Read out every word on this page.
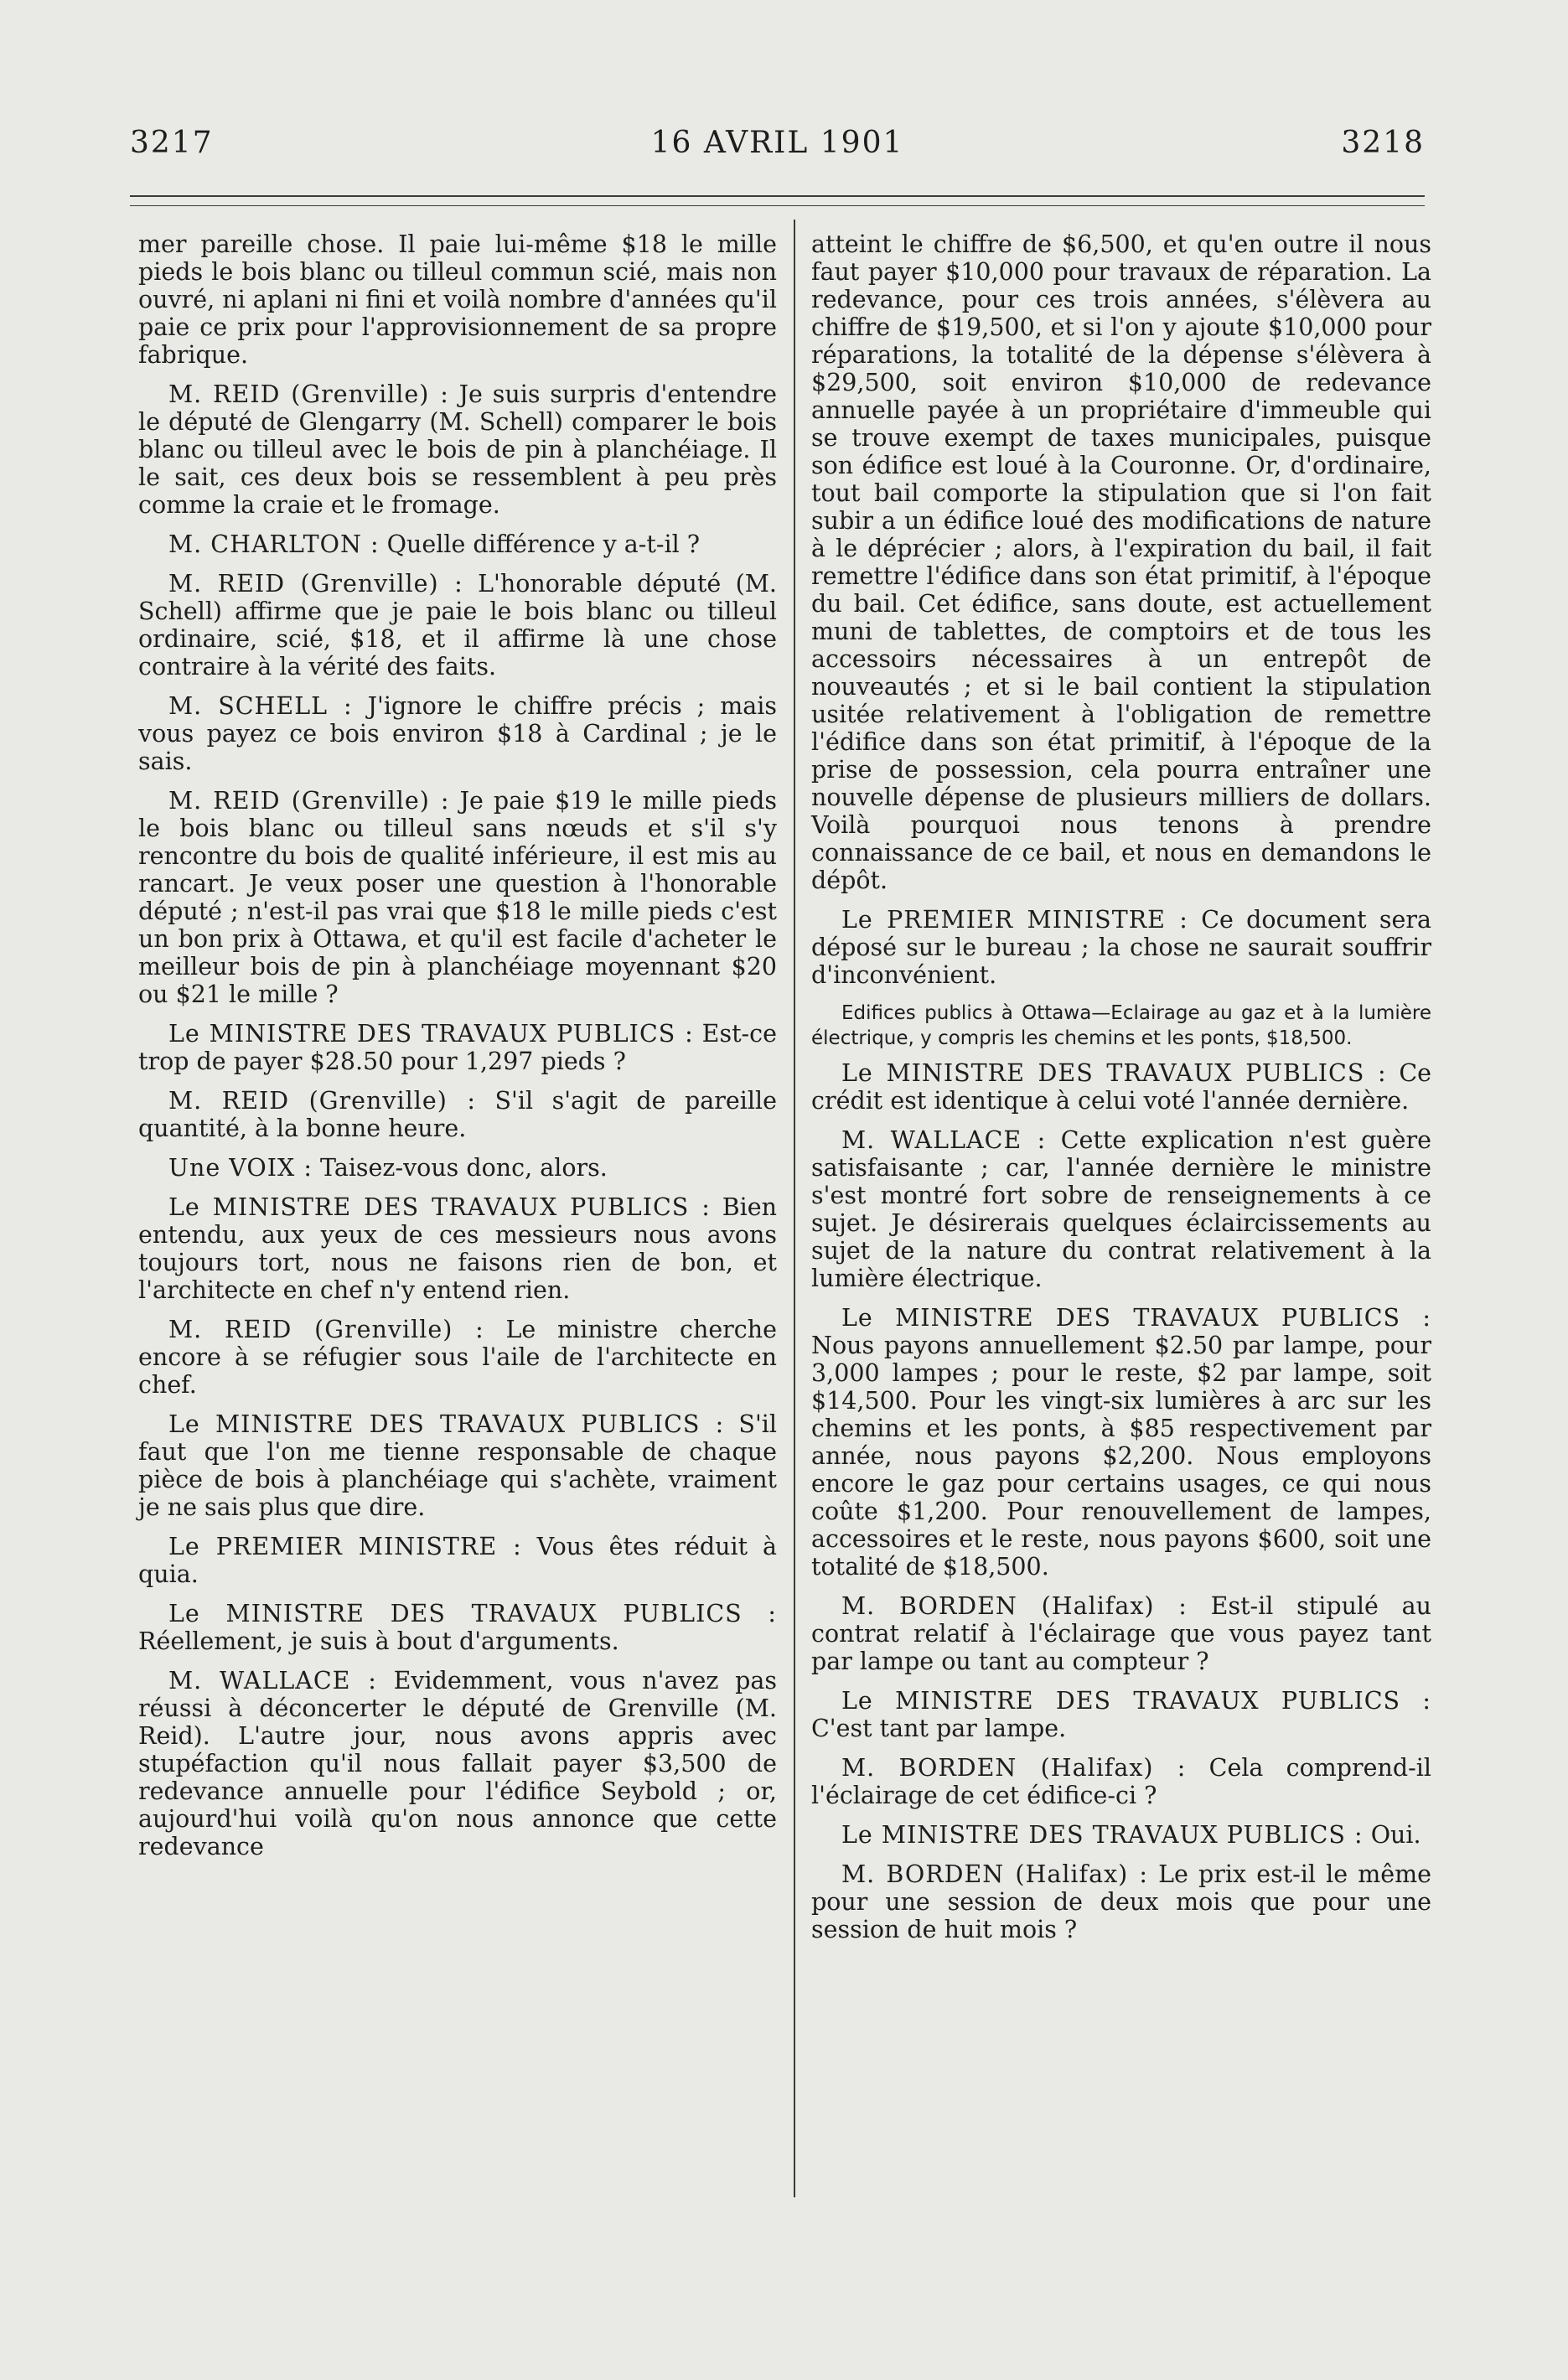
3217	16 AVRIL 1901	3218

mer pareille chose. Il paie lui-même $18 le mille pieds le bois blanc ou tilleul commun scié, mais non ouvré, ni aplani ni fini et voilà nombre d'années qu'il paie ce prix pour l'approvisionnement de sa propre fabrique.

M. REID (Grenville) : Je suis surpris d'entendre le député de Glengarry (M. Schell) comparer le bois blanc ou tilleul avec le bois de pin à planchéiage. Il le sait, ces deux bois se ressemblent à peu près comme la craie et le fromage.

M. CHARLTON : Quelle différence y a-t-il ?

M. REID (Grenville) : L'honorable député (M. Schell) affirme que je paie le bois blanc ou tilleul ordinaire, scié, $18, et il affirme là une chose contraire à la vérité des faits.

M. SCHELL : J'ignore le chiffre précis ; mais vous payez ce bois environ $18 à Cardinal ; je le sais.

M. REID (Grenville) : Je paie $19 le mille pieds le bois blanc ou tilleul sans nœuds et s'il s'y rencontre du bois de qualité inférieure, il est mis au rancart. Je veux poser une question à l'honorable député ; n'est-il pas vrai que $18 le mille pieds c'est un bon prix à Ottawa, et qu'il est facile d'acheter le meilleur bois de pin à planchéiage moyennant $20 ou $21 le mille ?

Le MINISTRE DES TRAVAUX PUBLICS : Est-ce trop de payer $28.50 pour 1,297 pieds ?

M. REID (Grenville) : S'il s'agit de pareille quantité, à la bonne heure.

Une VOIX : Taisez-vous donc, alors.

Le MINISTRE DES TRAVAUX PUBLICS : Bien entendu, aux yeux de ces messieurs nous avons toujours tort, nous ne faisons rien de bon, et l'architecte en chef n'y entend rien.

M. REID (Grenville) : Le ministre cherche encore à se réfugier sous l'aile de l'architecte en chef.

Le MINISTRE DES TRAVAUX PUBLICS : S'il faut que l'on me tienne responsable de chaque pièce de bois à planchéiage qui s'achète, vraiment je ne sais plus que dire.

Le PREMIER MINISTRE : Vous êtes réduit à quia.

Le MINISTRE DES TRAVAUX PUBLICS : Réellement, je suis à bout d'arguments.

M. WALLACE : Evidemment, vous n'avez pas réussi à déconcerter le député de Grenville (M. Reid). L'autre jour, nous avons appris avec stupéfaction qu'il nous fallait payer $3,500 de redevance annuelle pour l'édifice Seybold ; or, aujourd'hui voilà qu'on nous annonce que cette redevance

atteint le chiffre de $6,500, et qu'en outre il nous faut payer $10,000 pour travaux de réparation. La redevance, pour ces trois années, s'élèvera au chiffre de $19,500, et si l'on y ajoute $10,000 pour réparations, la totalité de la dépense s'élèvera à $29,500, soit environ $10,000 de redevance annuelle payée à un propriétaire d'immeuble qui se trouve exempt de taxes municipales, puisque son édifice est loué à la Couronne. Or, d'ordinaire, tout bail comporte la stipulation que si l'on fait subir a un édifice loué des modifications de nature à le déprécier ; alors, à l'expiration du bail, il fait remettre l'édifice dans son état primitif, à l'époque du bail. Cet édifice, sans doute, est actuellement muni de tablettes, de comptoirs et de tous les accessoirs nécessaires à un entrepôt de nouveautés ; et si le bail contient la stipulation usitée relativement à l'obligation de remettre l'édifice dans son état primitif, à l'époque de la prise de possession, cela pourra entraîner une nouvelle dépense de plusieurs milliers de dollars. Voilà pourquoi nous tenons à prendre connaissance de ce bail, et nous en demandons le dépôt.

Le PREMIER MINISTRE : Ce document sera déposé sur le bureau ; la chose ne saurait souffrir d'inconvénient.

Edifices publics à Ottawa—Eclairage au gaz et à la lumière électrique, y compris les chemins et les ponts, $18,500.

Le MINISTRE DES TRAVAUX PUBLICS : Ce crédit est identique à celui voté l'année dernière.

M. WALLACE : Cette explication n'est guère satisfaisante ; car, l'année dernière le ministre s'est montré fort sobre de renseignements à ce sujet. Je désirerais quelques éclaircissements au sujet de la nature du contrat relativement à la lumière électrique.

Le MINISTRE DES TRAVAUX PUBLICS : Nous payons annuellement $2.50 par lampe, pour 3,000 lampes ; pour le reste, $2 par lampe, soit $14,500. Pour les vingt-six lumières à arc sur les chemins et les ponts, à $85 respectivement par année, nous payons $2,200. Nous employons encore le gaz pour certains usages, ce qui nous coûte $1,200. Pour renouvellement de lampes, accessoires et le reste, nous payons $600, soit une totalité de $18,500.

M. BORDEN (Halifax) : Est-il stipulé au contrat relatif à l'éclairage que vous payez tant par lampe ou tant au compteur ?

Le MINISTRE DES TRAVAUX PUBLICS : C'est tant par lampe.

M. BORDEN (Halifax) : Cela comprend-il l'éclairage de cet édifice-ci ?

Le MINISTRE DES TRAVAUX PUBLICS : Oui.

M. BORDEN (Halifax) : Le prix est-il le même pour une session de deux mois que pour une session de huit mois ?
